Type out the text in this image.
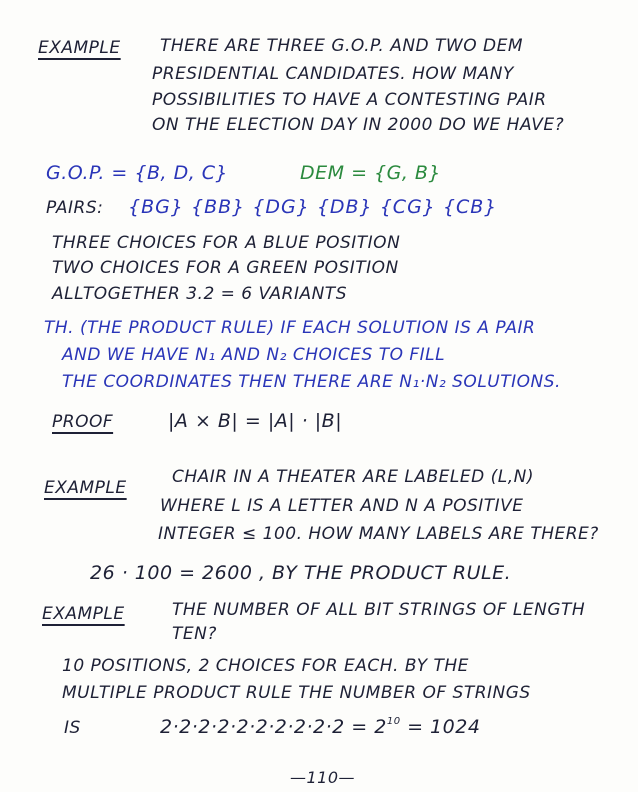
EXAMPLE THERE ARE THREE G.O.P. AND TWO DEM
PRESIDENTIAL CANDIDATES. HOW MANY
POSSIBILITIES TO HAVE A CONTESTING PAIR
ON THE ELECTION DAY IN 2000 DO WE HAVE?
G.O.P. = {B, D, C}	DEM = {G, B}
PAIRS: {BG} {BB} {DG} {DB} {CG} {CB}
THREE CHOICES FOR A BLUE POSITION
TWO CHOICES FOR A GREEN POSITION
ALLTOGETHER 3.2 = 6 VARIANTS
TH. (THE PRODUCT RULE) IF EACH SOLUTION IS A PAIR
AND WE HAVE N₁ AND N₂ CHOICES TO FILL
THE COORDINATES THEN THERE ARE N₁·N₂ SOLUTIONS.
PROOF	|A × B| = |A| · |B|
EXAMPLE
CHAIR IN A THEATER ARE LABELED (L,N)
WHERE L IS A LETTER AND N A POSITIVE
INTEGER ≤ 100. HOW MANY LABELS ARE THERE?
26 · 100 = 2600 , BY THE PRODUCT RULE.
EXAMPLE	THE NUMBER OF ALL BIT STRINGS OF LENGTH
TEN?
10 POSITIONS, 2 CHOICES FOR EACH. BY THE
MULTIPLE PRODUCT RULE THE NUMBER OF STRINGS
IS	$2\cdot 2\cdot 2\cdot 2\cdot 2\cdot 2\cdot 2\cdot 2\cdot 2\cdot 2 = 2^{10} = 1024$
—110—
